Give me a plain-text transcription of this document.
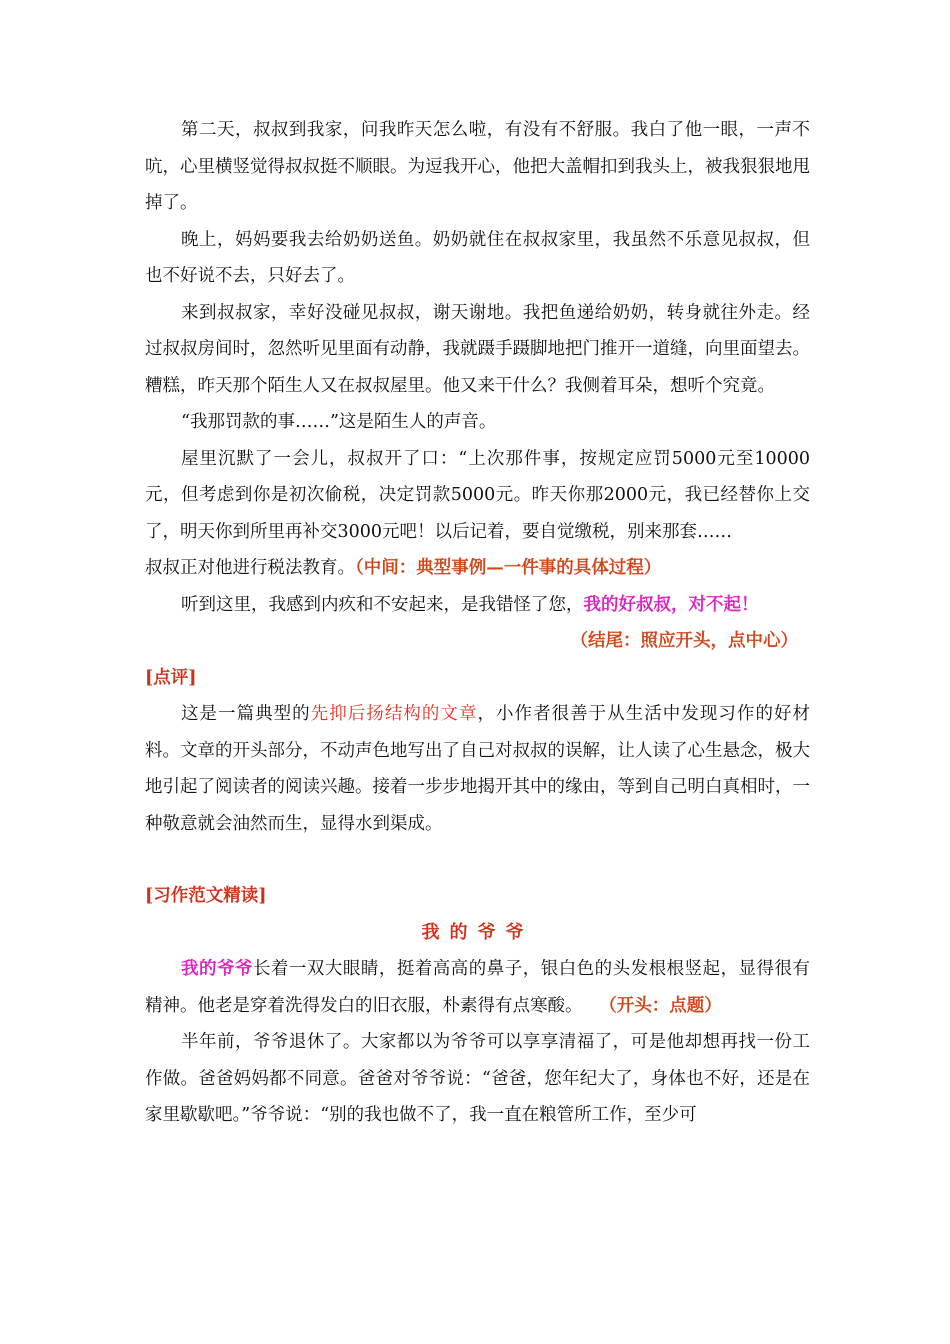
第二天，叔叔到我家，问我昨天怎么啦，有没有不舒服。我白了他一眼，一声不吭，心里横竖觉得叔叔挺不顺眼。为逗我开心，他把大盖帽扣到我头上，被我狠狠地甩掉了。

晚上，妈妈要我去给奶奶送鱼。奶奶就住在叔叔家里，我虽然不乐意见叔叔，但也不好说不去，只好去了。

来到叔叔家，幸好没碰见叔叔，谢天谢地。我把鱼递给奶奶，转身就往外走。经过叔叔房间时，忽然听见里面有动静，我就蹑手蹑脚地把门推开一道缝，向里面望去。糟糕，昨天那个陌生人又在叔叔屋里。他又来干什么？我侧着耳朵，想听个究竟。

“我那罚款的事……”这是陌生人的声音。

屋里沉默了一会儿，叔叔开了口：“上次那件事，按规定应罚5000元至10000元，但考虑到你是初次偷税，决定罚款5000元。昨天你那2000元，我已经替你上交了，明天你到所里再补交3000元吧！以后记着，要自觉缴税，别来那套……

叔叔正对他进行税法教育。（中间：典型事例—一件事的具体过程）

听到这里，我感到内疚和不安起来，是我错怪了您，我的好叔叔，对不起！

（结尾：照应开头，点中心）

[点评]

这是一篇典型的先抑后扬结构的文章，小作者很善于从生活中发现习作的好材料。文章的开头部分，不动声色地写出了自己对叔叔的误解，让人读了心生悬念，极大地引起了阅读者的阅读兴趣。接着一步步地揭开其中的缘由，等到自己明白真相时，一种敬意就会油然而生，显得水到渠成。

[习作范文精读]

我的爷爷

我的爷爷长着一双大眼睛，挺着高高的鼻子，银白色的头发根根竖起，显得很有精神。他老是穿着洗得发白的旧衣服，朴素得有点寒酸。 （开头：点题）

半年前，爷爷退休了。大家都以为爷爷可以享享清福了，可是他却想再找一份工作做。爸爸妈妈都不同意。爸爸对爷爷说：“爸爸，您年纪大了，身体也不好，还是在家里歇歇吧。”爷爷说：“别的我也做不了，我一直在粮管所工作，至少可
